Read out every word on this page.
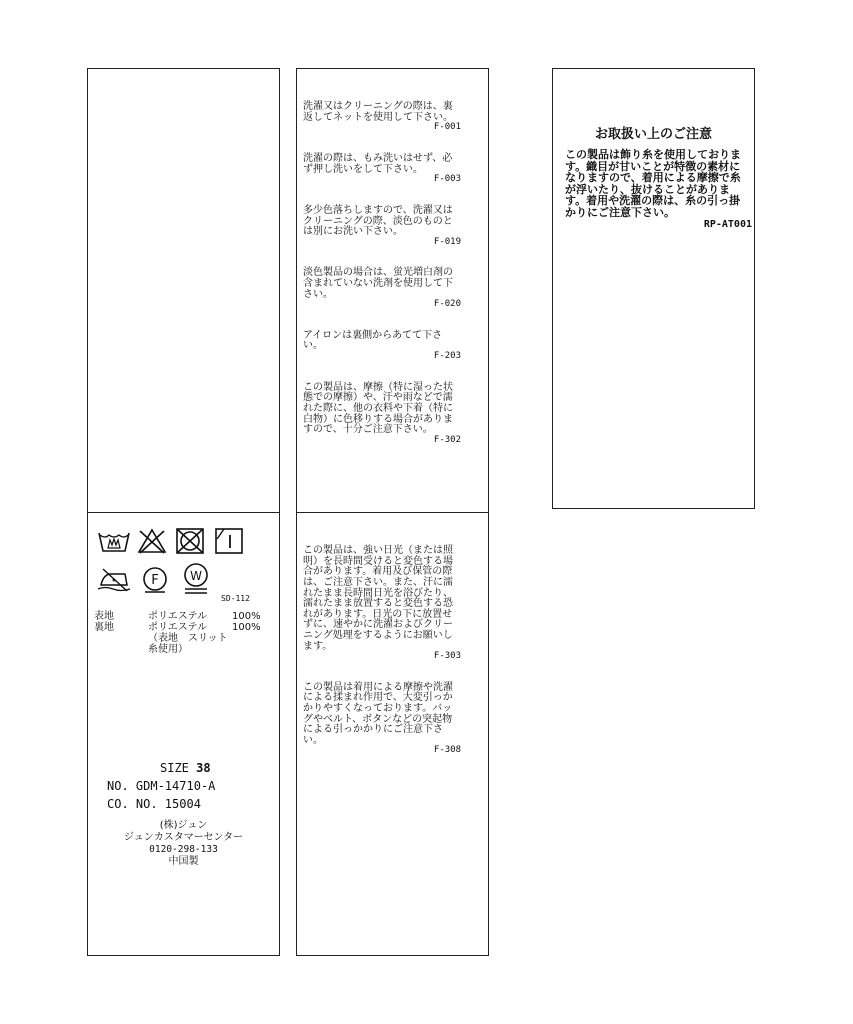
F	W
SD-112
表地	ポリエステル 100%
裏地	ポリエステル 100%
（表地　スリット
糸使用）
SIZE 38
NO. GDM-14710-A
CO. NO. 15004
(株)ジュン
ジュンカスタマーセンター
0120-298-133
中国製

洗濯又はクリーニングの際は、裏返してネットを使用して下さい。
F-001

洗濯の際は、もみ洗いはせず、必ず押し洗いをして下さい。
F-003

多少色落ちしますので、洗濯又はクリーニングの際、淡色のものとは別にお洗い下さい。
F-019

淡色製品の場合は、蛍光増白剤の含まれていない洗剤を使用して下さい。
F-020

アイロンは裏側からあてて下さい。
F-203

この製品は、摩擦（特に湿った状態での摩擦）や、汗や雨などで濡れた際に、他の衣料や下着（特に白物）に色移りする場合がありますので、十分ご注意下さい。
F-302

この製品は、強い日光（または照明）を長時間受けると変色する場合があります。着用及び保管の際は、ご注意下さい。また、汗に濡れたまま長時間日光を浴びたり、濡れたまま放置すると変色する恐れがあります。日光の下に放置せずに、速やかに洗濯およびクリーニング処理をするようにお願いします。
F-303

この製品は着用による摩擦や洗濯による揉まれ作用で、大変引っかかりやすくなっております。バッグやベルト、ボタンなどの突起物による引っかかりにご注意下さい。
F-308

お取扱い上のご注意
この製品は飾り糸を使用しております。織目が甘いことが特徴の素材になりますので、着用による摩擦で糸が浮いたり、抜けることがあります。着用や洗濯の際は、糸の引っ掛かりにご注意下さい。
RP-AT001
